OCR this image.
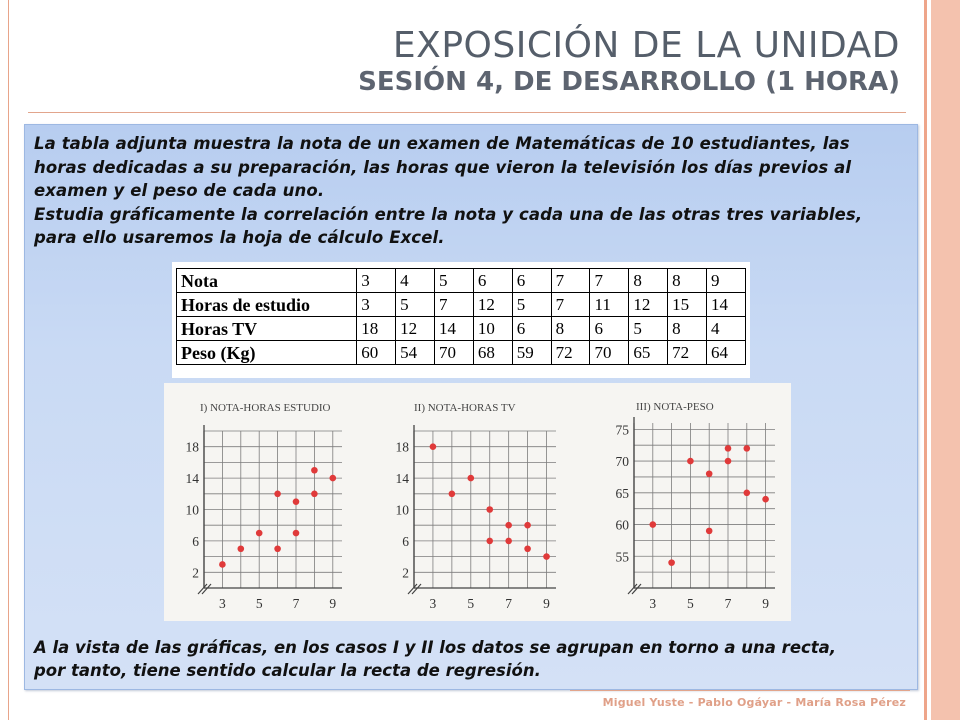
EXPOSICIÓN DE LA UNIDAD
SESIÓN 4, DE DESARROLLO (1 HORA)

La tabla adjunta muestra la nota de un examen de Matemáticas de 10 estudiantes, las horas dedicadas a su preparación, las horas que vieron la televisión los días previos al examen y el peso de cada uno.

Estudia gráficamente la correlación entre la nota y cada una de las otras tres variables, para ello usaremos la hoja de cálculo Excel.

Nota	3	4	5	6	6	7	7	8	8	9
Horas de estudio	3	5	7	12	5	7	11	12	15	14
Horas TV	18	12	14	10	6	8	6	5	8	4
Peso (Kg)	60	54	70	68	59	72	70	65	72	64
I) NOTA-HORAS ESTUDIO
2
6
10
14
18
3 5 7 9
II) NOTA-HORAS TV
2
6
10
14
18
3 5 7 9
III) NOTA-PESO
55
60
65
70
75
3 5 7 9

A la vista de las gráficas, en los casos I y II los datos se agrupan en torno a una recta,

por tanto, tiene sentido calcular la recta de regresión.

Miguel Yuste - Pablo Ogáyar - María Rosa Pérez
